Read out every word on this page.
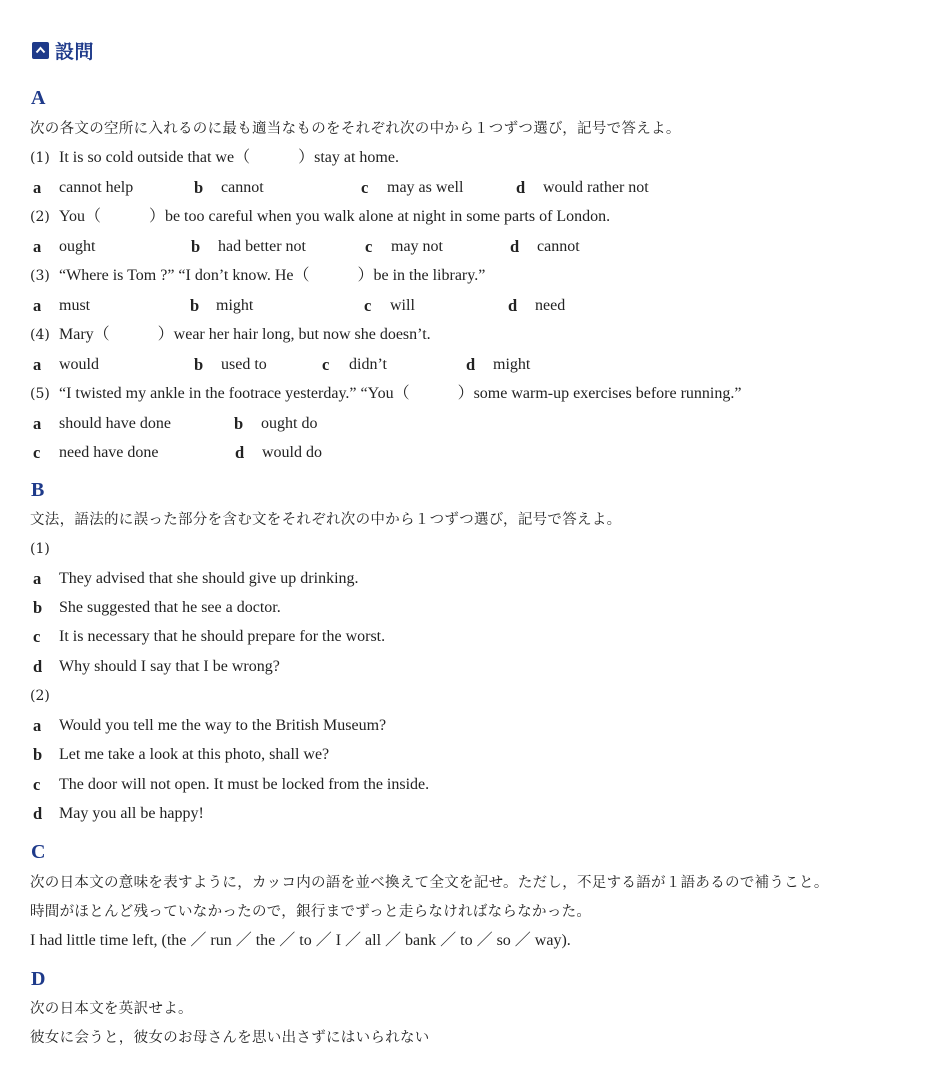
設問
A
次の各文の空所に入れるのに最も適当なものをそれぞれ次の中から１つずつ選び，記号で答えよ。
(1) It is so cold outside that we（　　　）stay at home.
a cannot help	b cannot	c may as well	d would rather not
(2) You（　　　）be too careful when you walk alone at night in some parts of London.
a ought	b had better not	c may not	d cannot
(3) “Where is Tom ?” “I don’t know. He（　　　）be in the library.”
a must	b might	c will	d need
(4) Mary（　　　）wear her hair long, but now she doesn’t.
a would	b used to	c didn’t	d might
(5) “I twisted my ankle in the footrace yesterday.” “You（　　　）some warm-up exercises before running.”
a should have done	b ought do
c need have done	d would do
B
文法，語法的に誤った部分を含む文をそれぞれ次の中から１つずつ選び，記号で答えよ。
(1)
a They advised that she should give up drinking.
b She suggested that he see a doctor.
c It is necessary that he should prepare for the worst.
d Why should I say that I be wrong?
(2)
a Would you tell me the way to the British Museum?
b Let me take a look at this photo, shall we?
c The door will not open. It must be locked from the inside.
d May you all be happy!
C
次の日本文の意味を表すように，カッコ内の語を並べ換えて全文を記せ。ただし，不足する語が１語あるので補うこと。
時間がほとんど残っていなかったので，銀行までずっと走らなければならなかった。
I had little time left, (the ／ run ／ the ／ to ／ I ／ all ／ bank ／ to ／ so ／ way).
D
次の日本文を英訳せよ。
彼女に会うと，彼女のお母さんを思い出さずにはいられない
